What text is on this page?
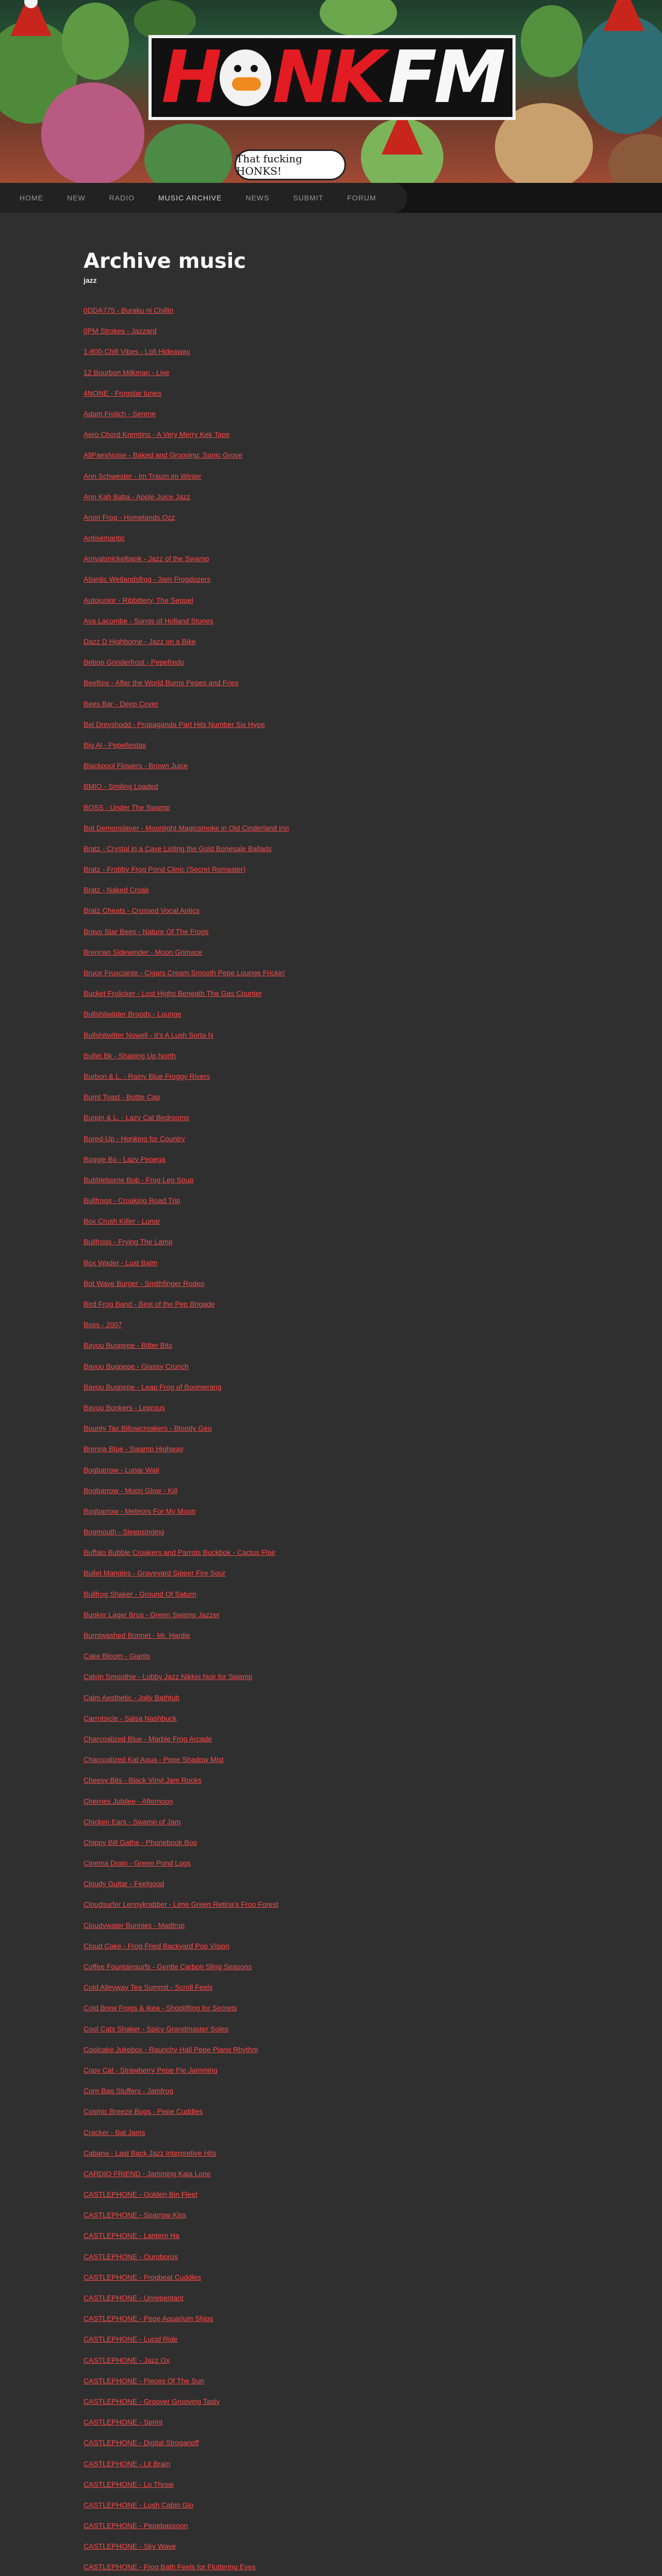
H NK FM
That fucking HONKS!
HOME	NEW	RADIO	MUSIC ARCHIVE	NEWS	SUBMIT	FORUM
Archive music
jazz
0DDA775 - Buraku ni Chillin
0PM Strokes - Jazzard
1-800-Chill Vibes - Lofi Hideaway
12 Bourbon Milkman - Live
4NONE - Frogstar tunes
Adam Frolich - Serene
Aero Chord Kremlins - A Very Merry Kek Tape
AllPaesNoise - Baked and Grooving: Sonic Grove
Ann Schwester - Im Traum im Winter
Ann Kah Baba - Apple Juice Jazz
Anon Frog - Homelands.Ozz
Antisemantic
Arrivalsnickelbank - Jazz of the Swamp
Atlantic Wetlandsfrog - 3am Frogdozers
Autojunior - Ribbittery, The Sequel
Ava Lacombe - Songs of Holland Stones
Dazz D Highborne - Jazz on a Bike
Bebop Grinderfrost - Pepefredo
Beeflow - After the World Burns Pepes and Fries
Bees Bar - Deep Cover
Bel Dreyshodd - Propaganda Part Hits Number Six Hype
Big Al - Pepefiestas
Blackpool Flowers - Brown Juice
BMIO - Smiling Loaded
BOSS - Under The Swamp
Bot Demonslayer - Moonlight Magicsmoke in Old Cinderland Inn
Bratz - Crystal in a Cave Listing the Gold Bonesale Ballads
Bratz - Frobby Frog Pond Clinic (Secret Remaster)
Bratz - Naked Croak
Bratz Cheats - Crossed Vocal Antics
Bravo Star Bees - Nature Of The Frogs
Brennan Sidewinder - Moon Grimace
Bruce Frusciante - Cigars Cream Smooth Pepe Lounge Frickin'
Bucket Frolicker - Lost Highs Beneath The Gas Counter
Bullshitwitder Broods - Lounge
Bullshitwitter Nowell - It's A Lush Sorta N
Bullet Bk - Shaping Up North
Burbon & L. - Rainy Blue Froggy Rivers
Burnt Toast - Bottle Cap
Burpin & L. - Lazy Cat Bedrooms
Bored-Up - Honking for Country
Boggie Bo - Lazy Pepega
Bubbleborne Bob - Frog Leg Soup
Bullfrogs - Croaking Road Trip
Box Crush Killer - Lunar
Bullfrogs - Frying The Lamp
Box Wader - Lust Balm
Bot Wave Burger - Smithfinger Rodeo
Bird Frog Band - Best of the Pep Brigade
Boss - 2007
Bayou Bugpepe - Bitter Bits
Bayou Bugpepe - Glassy Crunch
Bayou Bugpepe - Leap Frog of Boomerang
Bayou Bonkers - Leprous
Bounty Tax Billowcroakers - Bloody Geo
Brenna Blue - Swamp Highway
Bogbarrow - Lunar Wail
Bogbarrow - Moon Glow - Kill
Bogbarrow - Meteors For My Moon
Bogmouth - Sleepsinging
Buffalo Bubble Croakers and Parrots Buckbok - Cactus Flair
Bullet Mangles - Graveyard Sipper Fire Sour
Bullfrog Shaker - Ground Of Saturn
Bunker Lager Bros - Green Swamp Jazzer
Burntwashed Bonnet - Mr. Hardie
Cake Bloom - Giants
Calvin Smoothie - Lobby Jazz Nikkei Noir for Swamp
Calm Aesthetic - Jolly Bathtub
Carrotsicle - Salsa Nashbuck
Charcoalized Blue - Marble Frog Arcade
Charcoalized Kat Aqua - Pepe Shadow Mist
Cheesy Bits - Black Vinyl Jam Rocks
Cherries Jubilee - Afternoon
Chicken Ears - Swamp of Jam
Chippy Bill Gathe - Phonebook Bop
Cinema Drain - Green Pond Logs
Cloudy Guitar - Feelgood
Cloudsurfer Lennykrabber - Lime Green Retina's Froo Forest
Cloudywater Bunnies - Madtrop
Cloud Cake - Frog Fried Backyard Pop Vision
Coffee Fountainsurfs - Gentle Carbon Sling Seasons
Cold Alleyway Tea Summit - Scroll Feels
Cold Brew Frogs & Ikea - Shoplifting for Secrets
Cool Cats Shaker - Spicy Grandmaster Soles
Coolcake Jukebox - Raunchy Hall Pepe Piano Rhythm
Copy Cat - Strawberry Pepe Pie Jamming
Corn Bag Stuffers - Jamfrog
Cosmic Breeze Bugs - Pepe Cuddles
Cracker - Bat Jams
Cabana - Laid Back Jazz Interpretive Hits
CARDIO FRIEND - Jamming Kaja Lone
CASTLEPHONE - Golden Bin Fleet
CASTLEPHONE - Sparrow Kiss
CASTLEPHONE - Lantern Ha
CASTLEPHONE - Ouroboros
CASTLEPHONE - Frogbeat Cuddles
CASTLEPHONE - Unrepentant
CASTLEPHONE - Pepe Aquarium Ships
CASTLEPHONE - Lucid Ride
CASTLEPHONE - Jazz Ox
CASTLEPHONE - Pieces Of The Sun
CASTLEPHONE - Groover Grooving Tasty
CASTLEPHONE - Sprint
CASTLEPHONE - Digital Stroganoff
CASTLEPHONE - Lit Brain
CASTLEPHONE - Lo Throw
CASTLEPHONE - Lush Cabin Glo
CASTLEPHONE - Pepebassoon
CASTLEPHONE - Sky Wave
CASTLEPHONE - Frog Bath Feels for Fluttering Eyes
